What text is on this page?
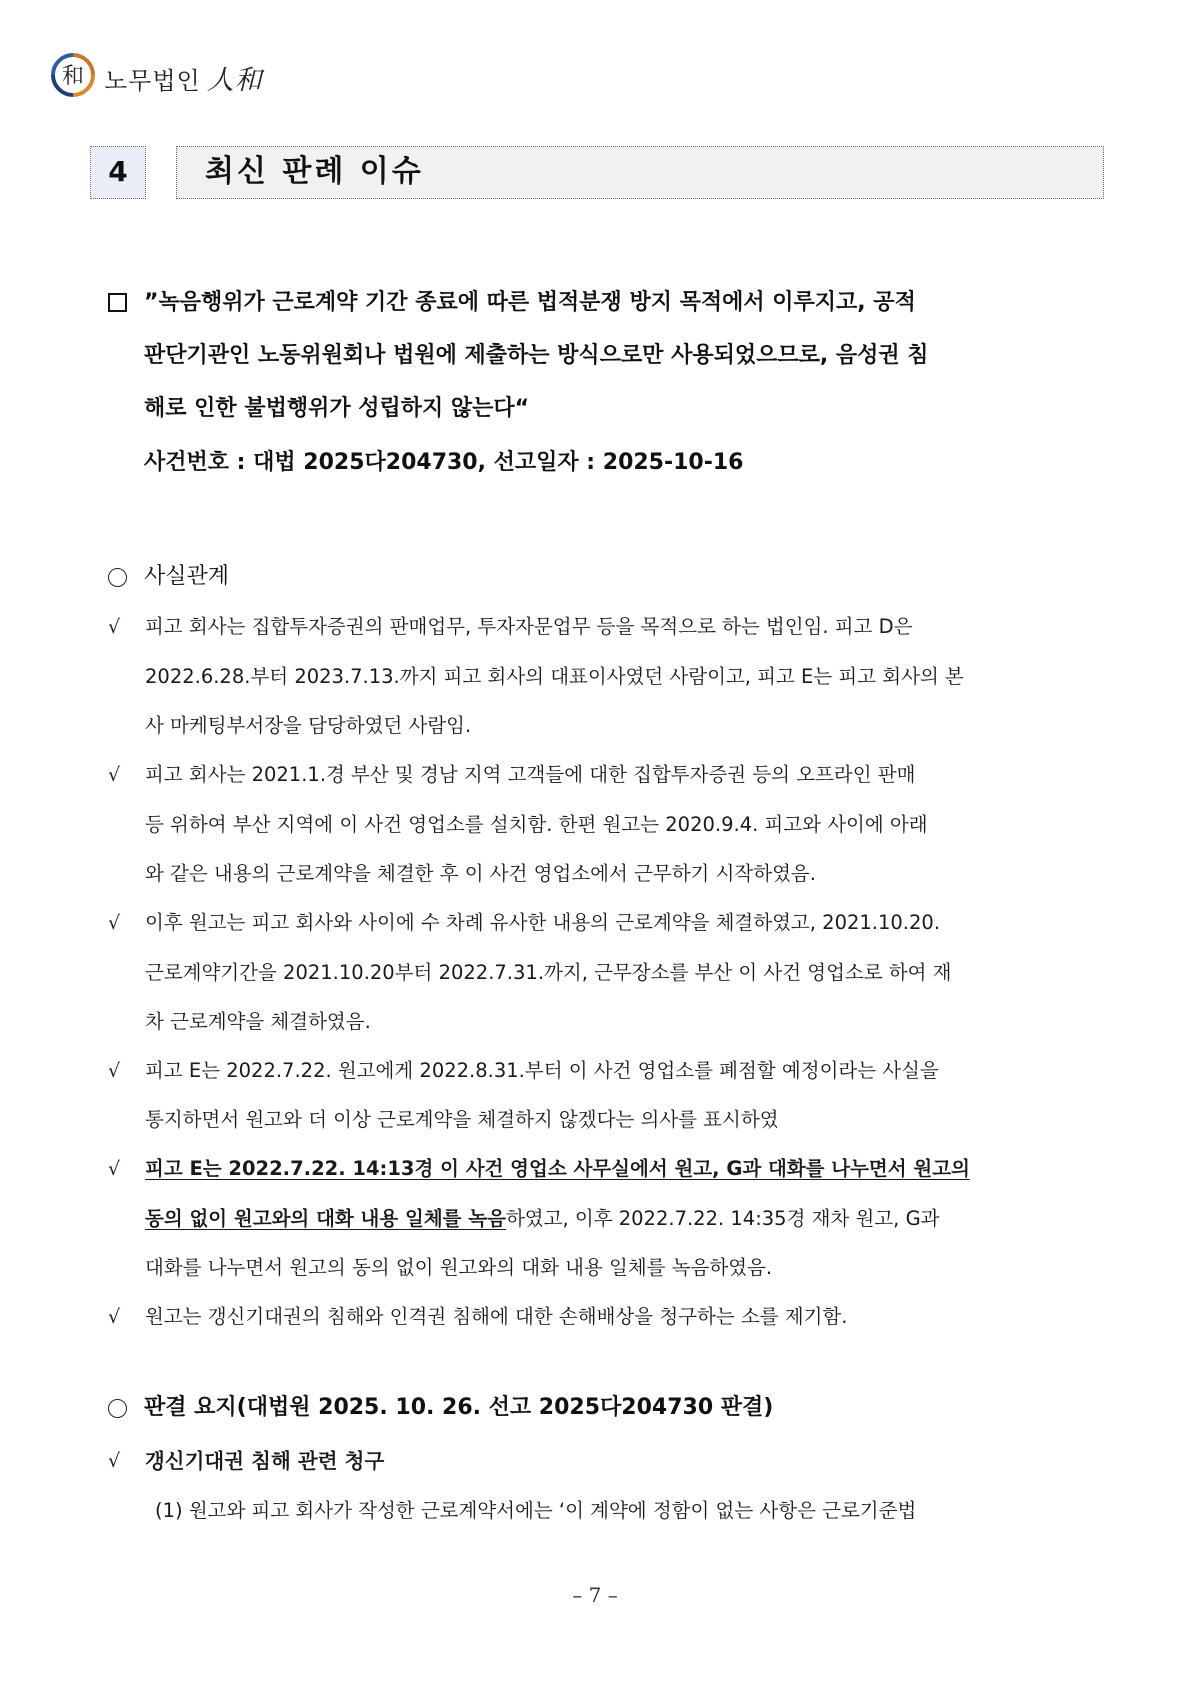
和 노무법인 人和
4	최신 판례 이슈
”녹음행위가 근로계약 기간 종료에 따른 법적분쟁 방지 목적에서 이루지고, 공적
판단기관인 노동위원회나 법원에 제출하는 방식으로만 사용되었으므로, 음성권 침
해로 인한 불법행위가 성립하지 않는다“
사건번호 : 대법 2025다204730, 선고일자 : 2025-10-16
사실관계
√ 피고 회사는 집합투자증권의 판매업무, 투자자문업무 등을 목적으로 하는 법인임. 피고 D은
2022.6.28.부터 2023.7.13.까지 피고 회사의 대표이사였던 사람이고, 피고 E는 피고 회사의 본
사 마케팅부서장을 담당하였던 사람임.
√ 피고 회사는 2021.1.경 부산 및 경남 지역 고객들에 대한 집합투자증권 등의 오프라인 판매
등 위하여 부산 지역에 이 사건 영업소를 설치함. 한편 원고는 2020.9.4. 피고와 사이에 아래
와 같은 내용의 근로계약을 체결한 후 이 사건 영업소에서 근무하기 시작하였음.
√ 이후 원고는 피고 회사와 사이에 수 차례 유사한 내용의 근로계약을 체결하였고, 2021.10.20.
근로계약기간을 2021.10.20부터 2022.7.31.까지, 근무장소를 부산 이 사건 영업소로 하여 재
차 근로계약을 체결하였음.
√ 피고 E는 2022.7.22. 원고에게 2022.8.31.부터 이 사건 영업소를 폐점할 예정이라는 사실을
통지하면서 원고와 더 이상 근로계약을 체결하지 않겠다는 의사를 표시하였
√ 피고 E는 2022.7.22. 14:13경 이 사건 영업소 사무실에서 원고, G과 대화를 나누면서 원고의
동의 없이 원고와의 대화 내용 일체를 녹음하였고, 이후 2022.7.22. 14:35경 재차 원고, G과
대화를 나누면서 원고의 동의 없이 원고와의 대화 내용 일체를 녹음하였음.
√ 원고는 갱신기대권의 침해와 인격권 침해에 대한 손해배상을 청구하는 소를 제기함.
판결 요지(대법원 2025. 10. 26. 선고 2025다204730 판결)
√ 갱신기대권 침해 관련 청구
(1) 원고와 피고 회사가 작성한 근로계약서에는 ‘이 계약에 정함이 없는 사항은 근로기준법
– 7 –
